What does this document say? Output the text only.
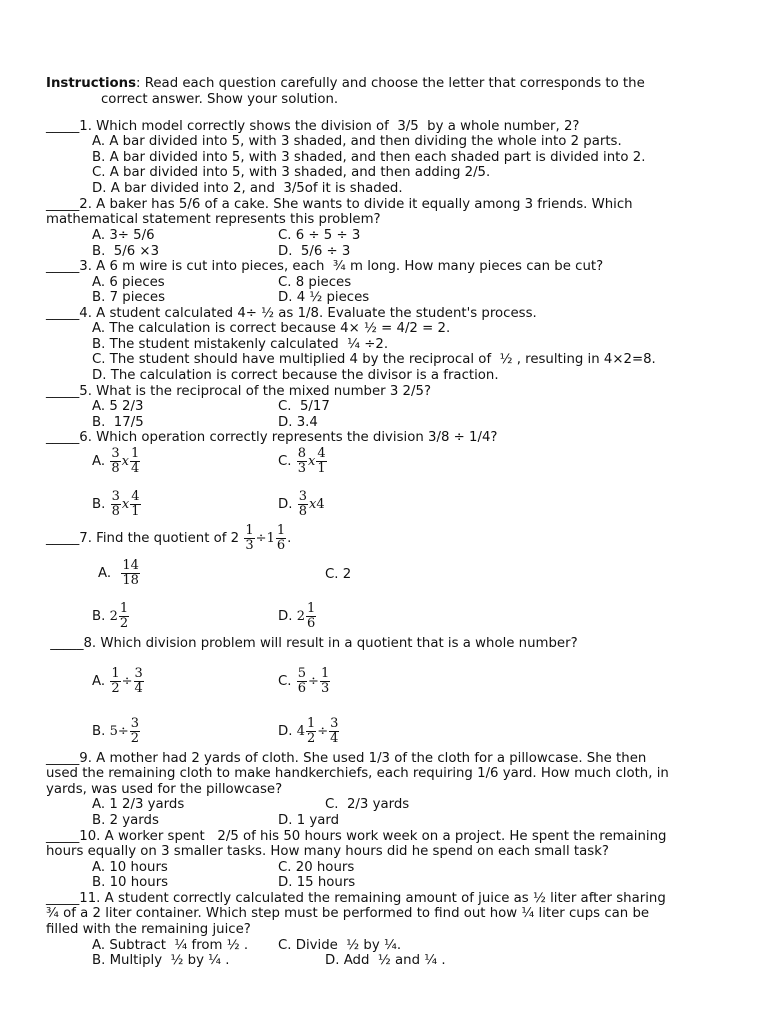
Instructions: Read each question carefully and choose the letter that corresponds to the
correct answer. Show your solution.
_____1. Which model correctly shows the division of  3/5  by a whole number, 2?
A. A bar divided into 5, with 3 shaded, and then dividing the whole into 2 parts.
B. A bar divided into 5, with 3 shaded, and then each shaded part is divided into 2.
C. A bar divided into 5, with 3 shaded, and then adding 2/5.
D. A bar divided into 2, and  3/5of it is shaded.
_____2. A baker has 5/6 of a cake. She wants to divide it equally among 3 friends. Which
mathematical statement represents this problem?
A. 3÷ 5/6	C. 6 ÷ 5 ÷ 3
B.  5/6 ×3	D.  5/6 ÷ 3
_____3. A 6 m wire is cut into pieces, each  ¾ m long. How many pieces can be cut?
A. 6 pieces	C. 8 pieces
B. 7 pieces	D. 4 ½ pieces
_____4. A student calculated 4÷ ½ as 1/8. Evaluate the student's process.
A. The calculation is correct because 4× ½ = 4/2 = 2.
B. The student mistakenly calculated  ¼ ÷2.
C. The student should have multiplied 4 by the reciprocal of  ½ , resulting in 4×2=8.
D. The calculation is correct because the divisor is a fraction.
_____5. What is the reciprocal of the mixed number 3 2/5?
A. 5 2/3	C.  5/17
B.  17/5	D. 3.4
_____6. Which operation correctly represents the division 3/8 ÷ 1/4?
A. $\frac{3}{8}$ x $\frac{1}{4}$	C. $\frac{8}{3}$ x $\frac{4}{1}$
B. $\frac{3}{8}$ x $\frac{4}{1}$	D. $\frac{3}{8} x4$
_____7. Find the quotient of $2 \frac{1}{3} \div 1 \frac{1}{6}$ .
A. $\frac{14}{18}$	C. 2
B. $2 \frac{1}{2}$	D. $2 \frac{1}{6}$
_____8. Which division problem will result in a quotient that is a whole number?
A. $\frac{1}{2} \div \frac{3}{4}$	C. $\frac{5}{6} \div \frac{1}{3}$
B. $5\div \frac{3}{2}$	D. $4 \frac{1}{2} \div \frac{3}{4}$
_____9. A mother had 2 yards of cloth. She used 1/3 of the cloth for a pillowcase. She then
used the remaining cloth to make handkerchiefs, each requiring 1/6 yard. How much cloth, in
yards, was used for the pillowcase?
A. 1 2/3 yards	C.  2/3 yards
B. 2 yards	D. 1 yard
_____10. A worker spent   2/5 of his 50 hours work week on a project. He spent the remaining
hours equally on 3 smaller tasks. How many hours did he spend on each small task?
A. 10 hours	C. 20 hours
B. 10 hours	D. 15 hours
_____11. A student correctly calculated the remaining amount of juice as ½ liter after sharing
¾ of a 2 liter container. Which step must be performed to find out how ¼ liter cups can be
filled with the remaining juice?
A. Subtract  ¼ from ½ . C. Divide  ½ by ¼.
B. Multiply  ½ by ¼ .	D. Add  ½ and ¼ .
